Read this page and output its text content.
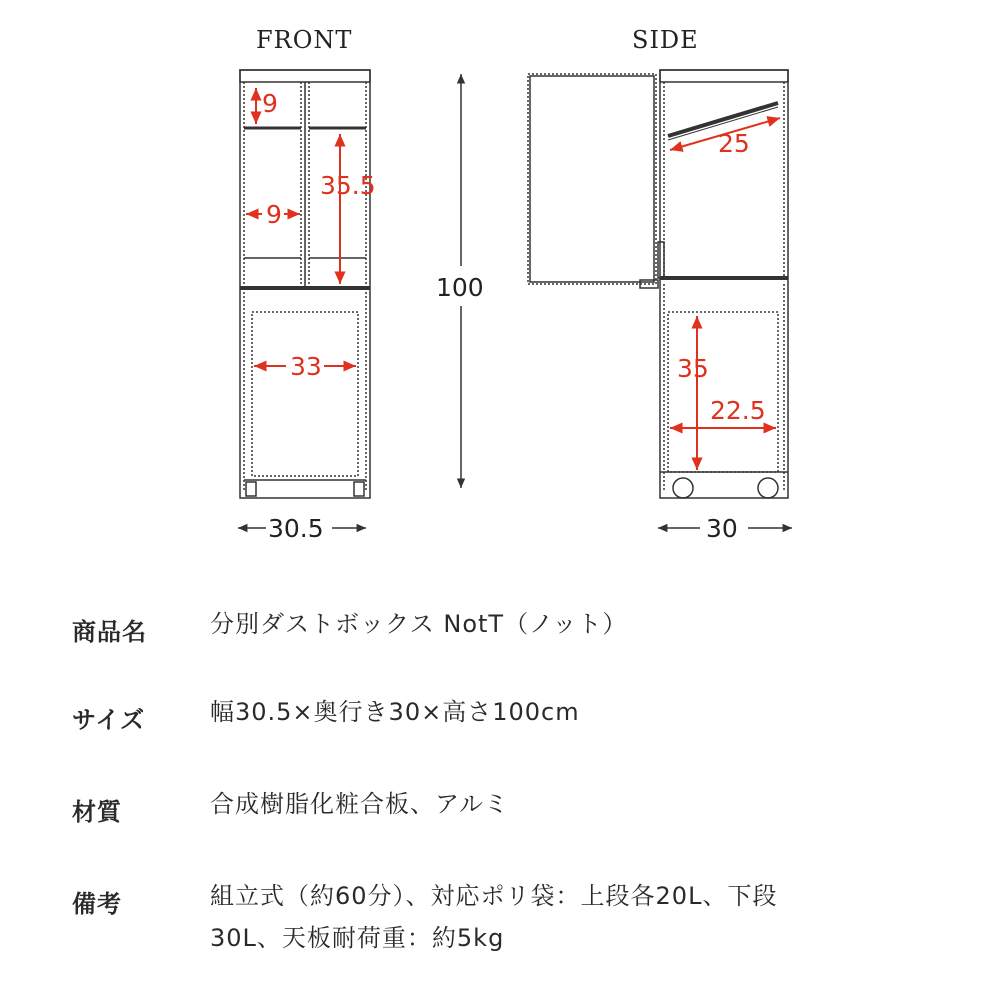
FRONT	SIDE
9
35.5
9
33
100
30.5
25
35
22.5
30
商品名	分別ダストボックス NotT（ノット）
サイズ	幅30.5×奥行き30×高さ100cm
材質	合成樹脂化粧合板、アルミ
備考	組立式（約60分）、対応ポリ袋：上段各20L、下段
30L、天板耐荷重：約5kg
